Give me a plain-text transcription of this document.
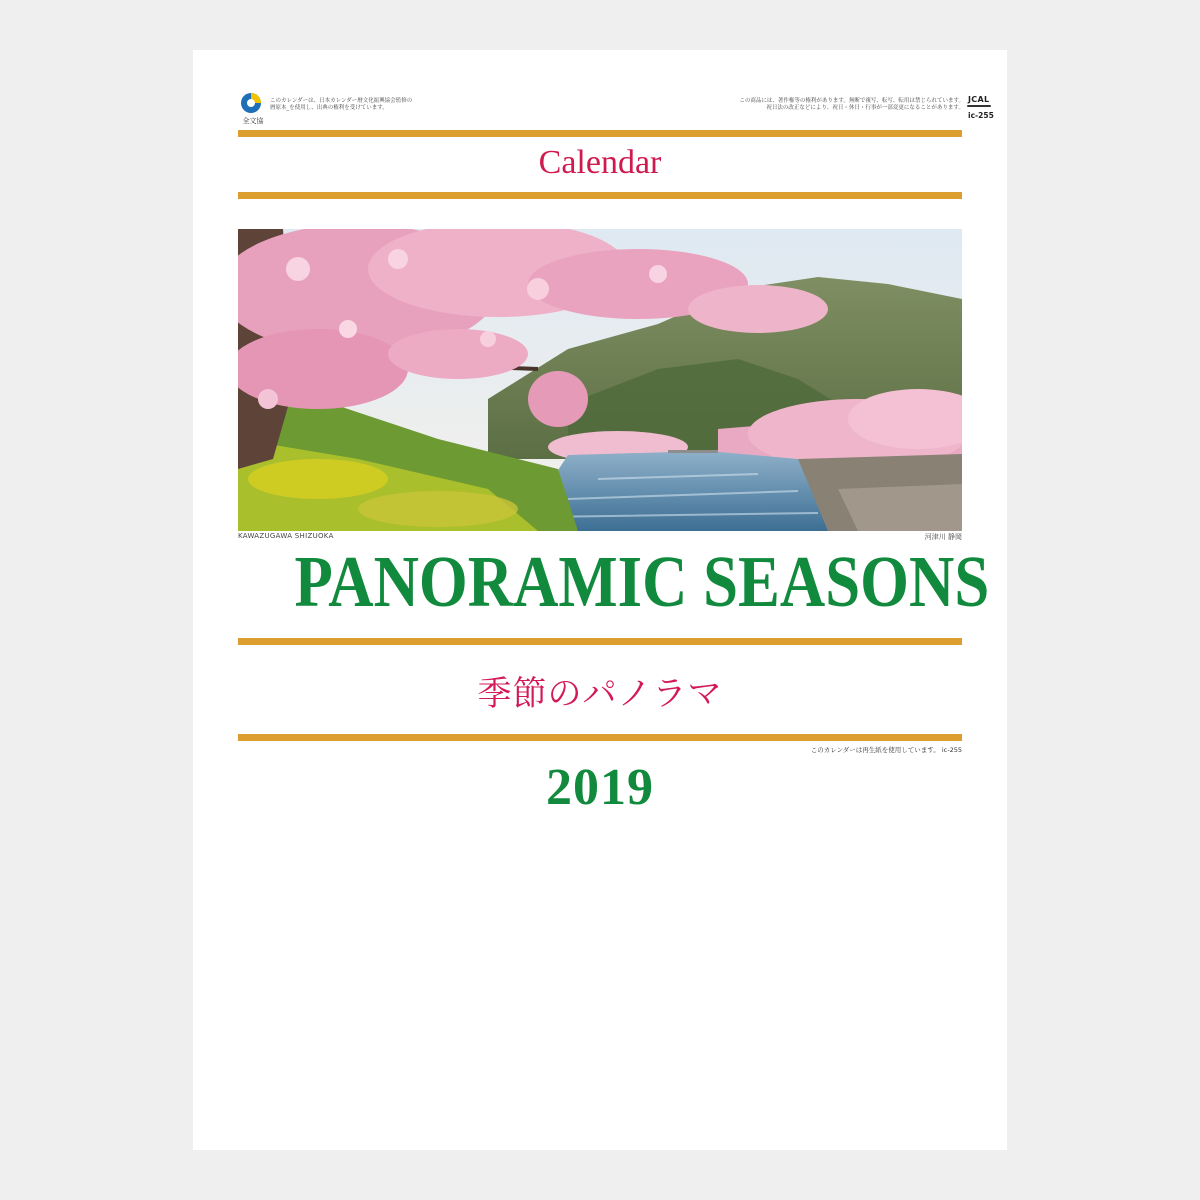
全文協
このカレンダーは、日本カレンダー暦文化振興協会監修の
暦原本_を使用し、出典の権利を受けています。
この商品には、著作権等の権利があります。無断で複写、転写、転用は禁じられています。
祝日法の改正などにより、祝日・休日・行事が一部変更になることがあります。
JCAL
ic-255
Calendar
KAWAZUGAWA SHIZUOKA	河津川 静岡
PANORAMIC SEASONS
季節のパノラマ
このカレンダーは再生紙を使用しています。 ic-255
2019
